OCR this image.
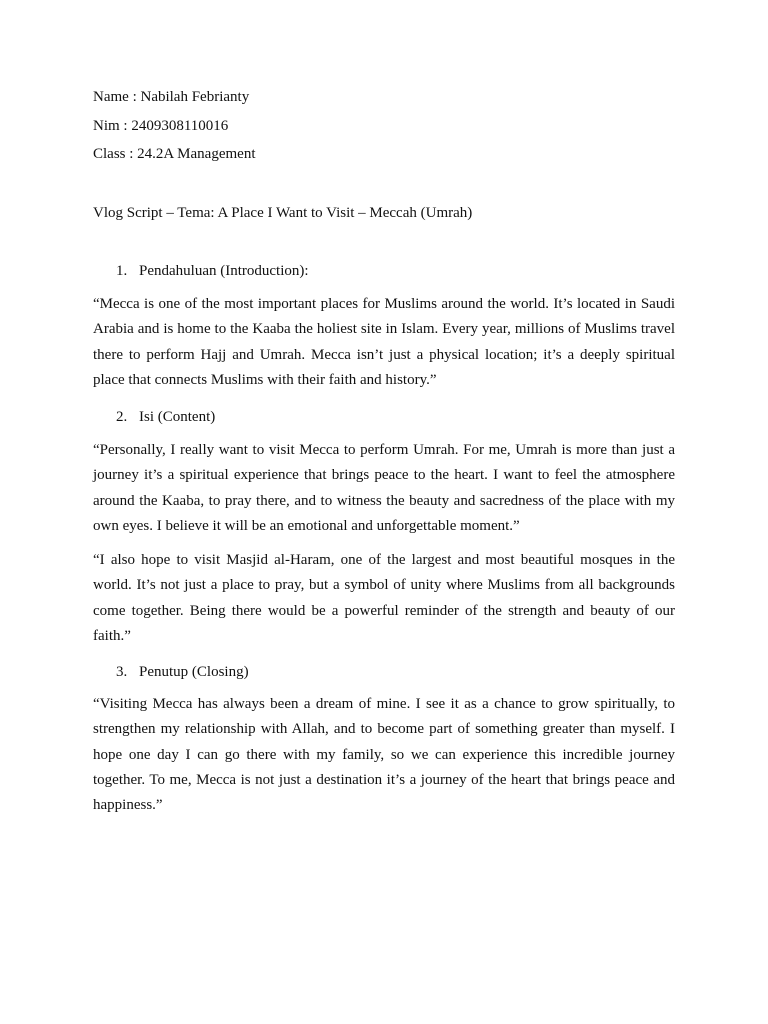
Name : Nabilah Febrianty
Nim : 2409308110016
Class : 24.2A Management
Vlog Script – Tema: A Place I Want to Visit – Meccah (Umrah)
1. Pendahuluan (Introduction):

“Mecca is one of the most important places for Muslims around the world. It’s located in Saudi Arabia and is home to the Kaaba the holiest site in Islam. Every year, millions of Muslims travel there to perform Hajj and Umrah. Mecca isn’t just a physical location; it’s a deeply spiritual place that connects Muslims with their faith and history.”

2. Isi (Content)

“Personally, I really want to visit Mecca to perform Umrah. For me, Umrah is more than just a journey it’s a spiritual experience that brings peace to the heart. I want to feel the atmosphere around the Kaaba, to pray there, and to witness the beauty and sacredness of the place with my own eyes. I believe it will be an emotional and unforgettable moment.”

“I also hope to visit Masjid al-Haram, one of the largest and most beautiful mosques in the world. It’s not just a place to pray, but a symbol of unity where Muslims from all backgrounds come together. Being there would be a powerful reminder of the strength and beauty of our faith.”

3. Penutup (Closing)

“Visiting Mecca has always been a dream of mine. I see it as a chance to grow spiritually, to strengthen my relationship with Allah, and to become part of something greater than myself. I hope one day I can go there with my family, so we can experience this incredible journey together. To me, Mecca is not just a destination it’s a journey of the heart that brings peace and happiness.”
